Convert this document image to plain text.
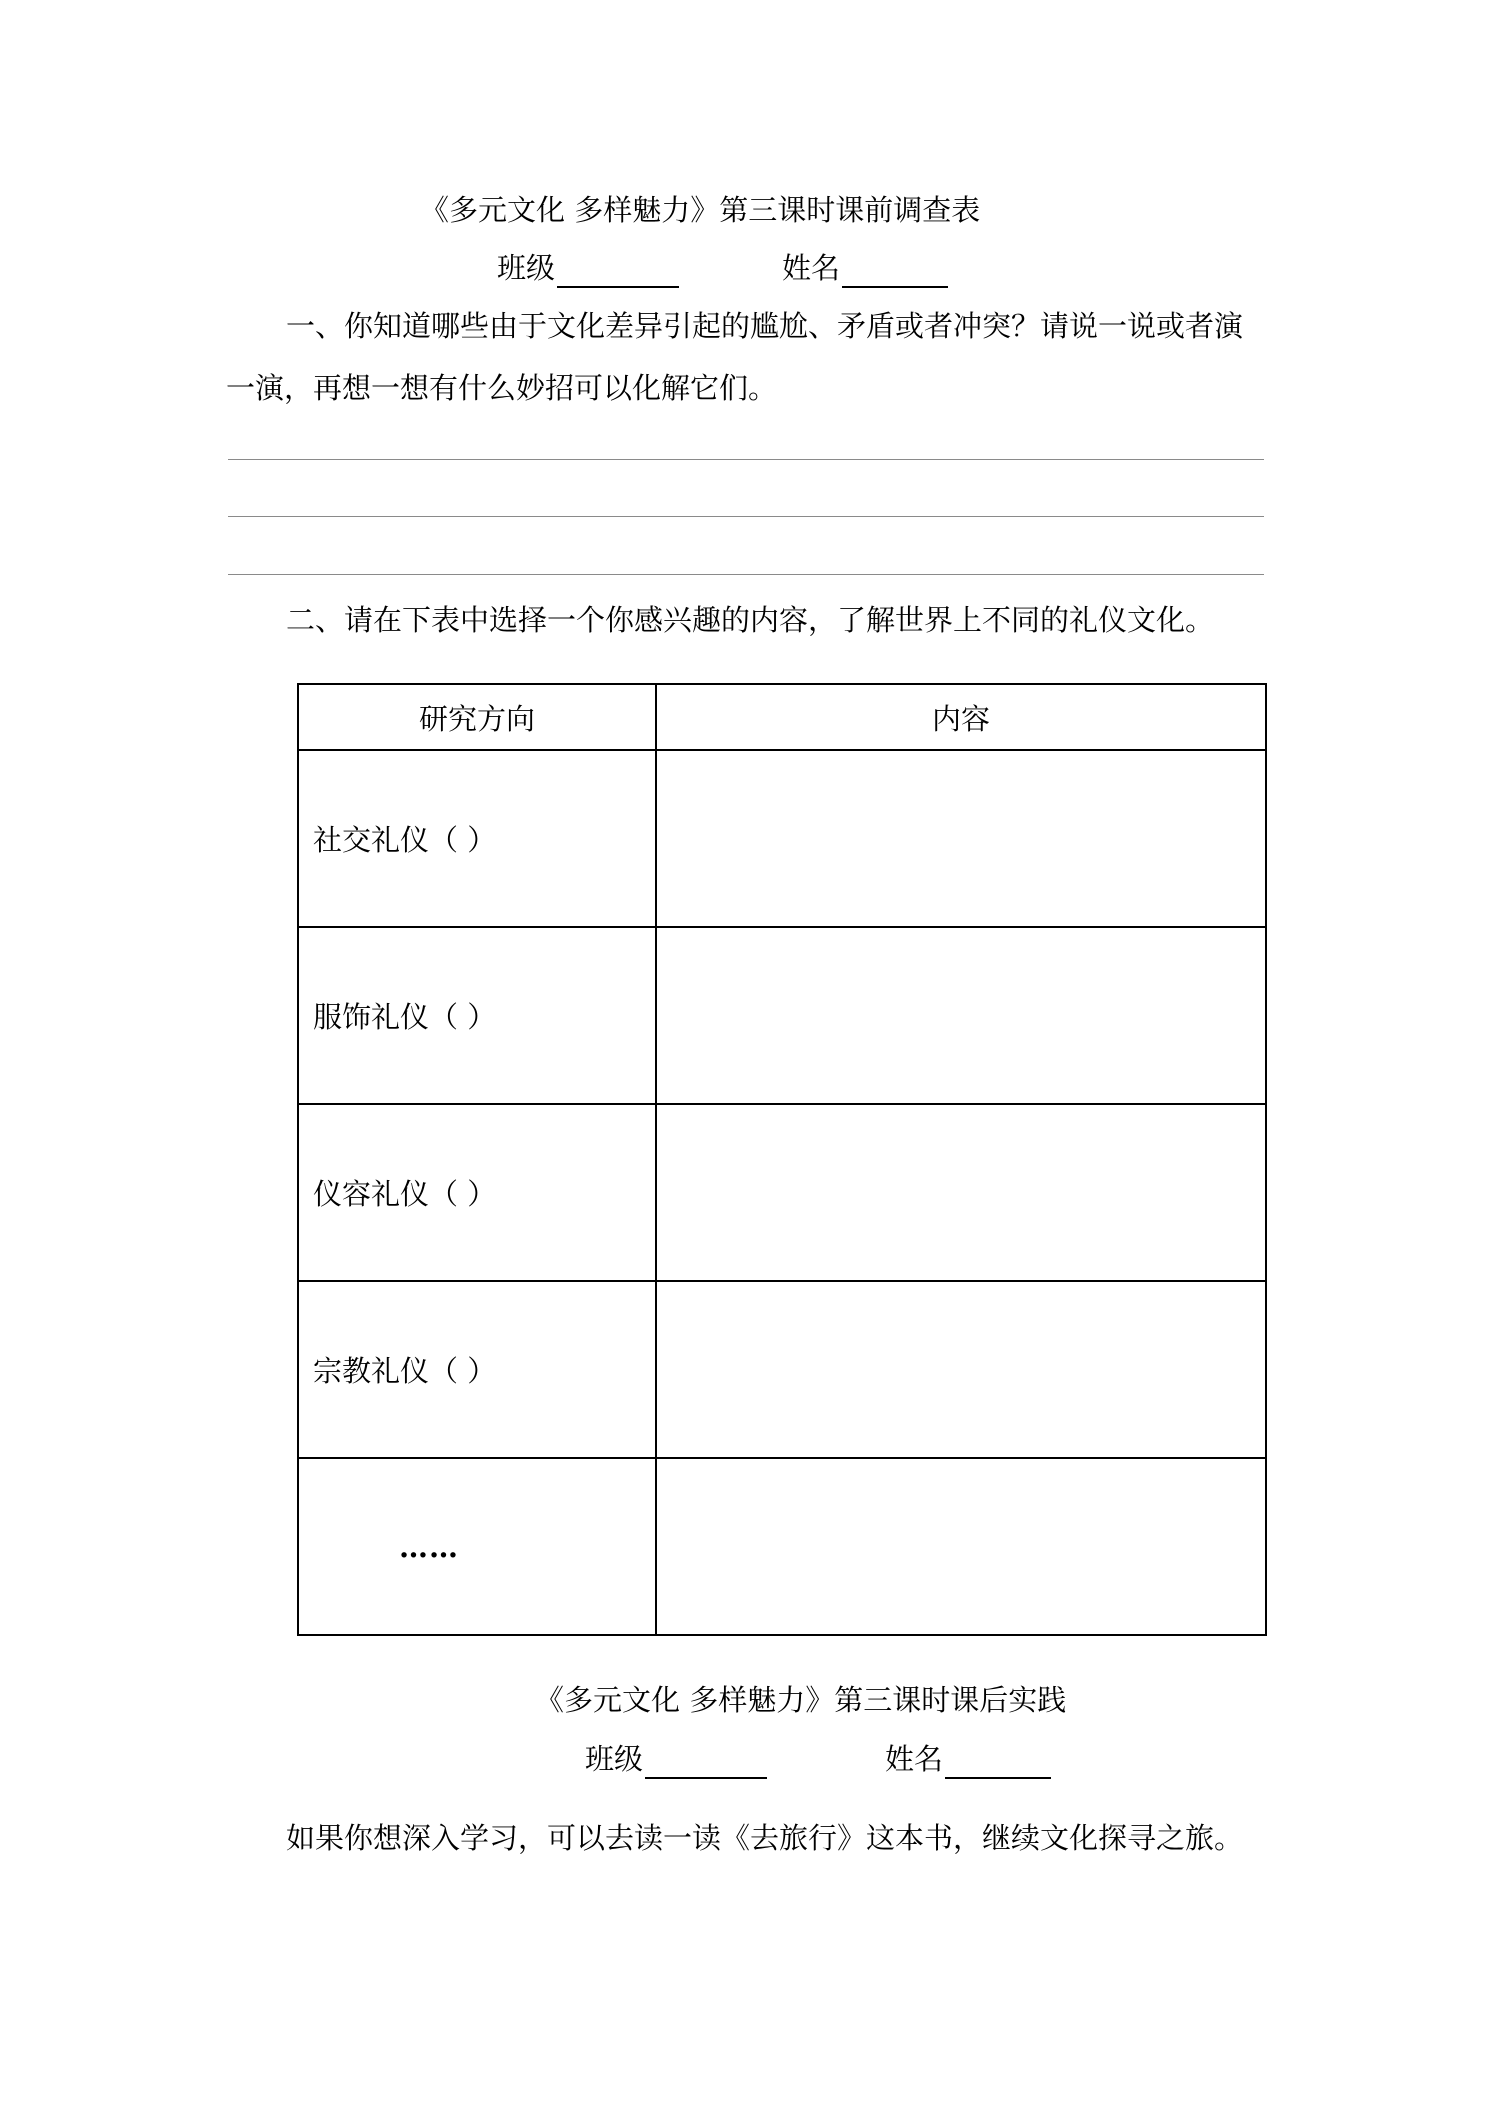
《多元文化 多样魅力》第三课时课前调查表
班级	姓名
一、你知道哪些由于文化差异引起的尴尬、矛盾或者冲突？请说一说或者演
一演，再想一想有什么妙招可以化解它们。
二、请在下表中选择一个你感兴趣的内容，了解世界上不同的礼仪文化。
研究方向	内容
社交礼仪（ ）	
服饰礼仪（ ）	
仪容礼仪（ ）	
宗教礼仪（ ）	
……	
《多元文化 多样魅力》第三课时课后实践
班级	姓名
如果你想深入学习，可以去读一读《去旅行》这本书，继续文化探寻之旅。
